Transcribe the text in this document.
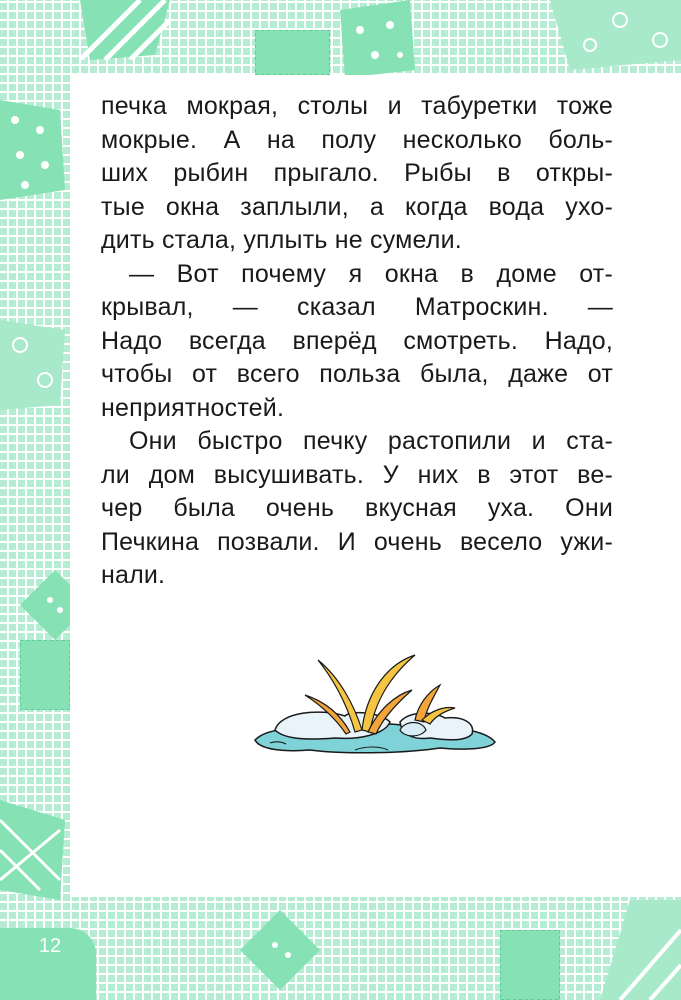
печка мокрая, столы и табуретки тоже
мокрые. А на полу несколько боль-
ших рыбин прыгало. Рыбы в откры-
тые окна заплыли, а когда вода ухо-
дить стала, уплыть не сумели.
— Вот почему я окна в доме от-
крывал, — сказал Матроскин. —
Надо всегда вперёд смотреть. Надо,
чтобы от всего польза была, даже от
неприятностей.
Они быстро печку растопили и ста-
ли дом высушивать. У них в этот ве-
чер была очень вкусная уха. Они
Печкина позвали. И очень весело ужи-
нали.
12
